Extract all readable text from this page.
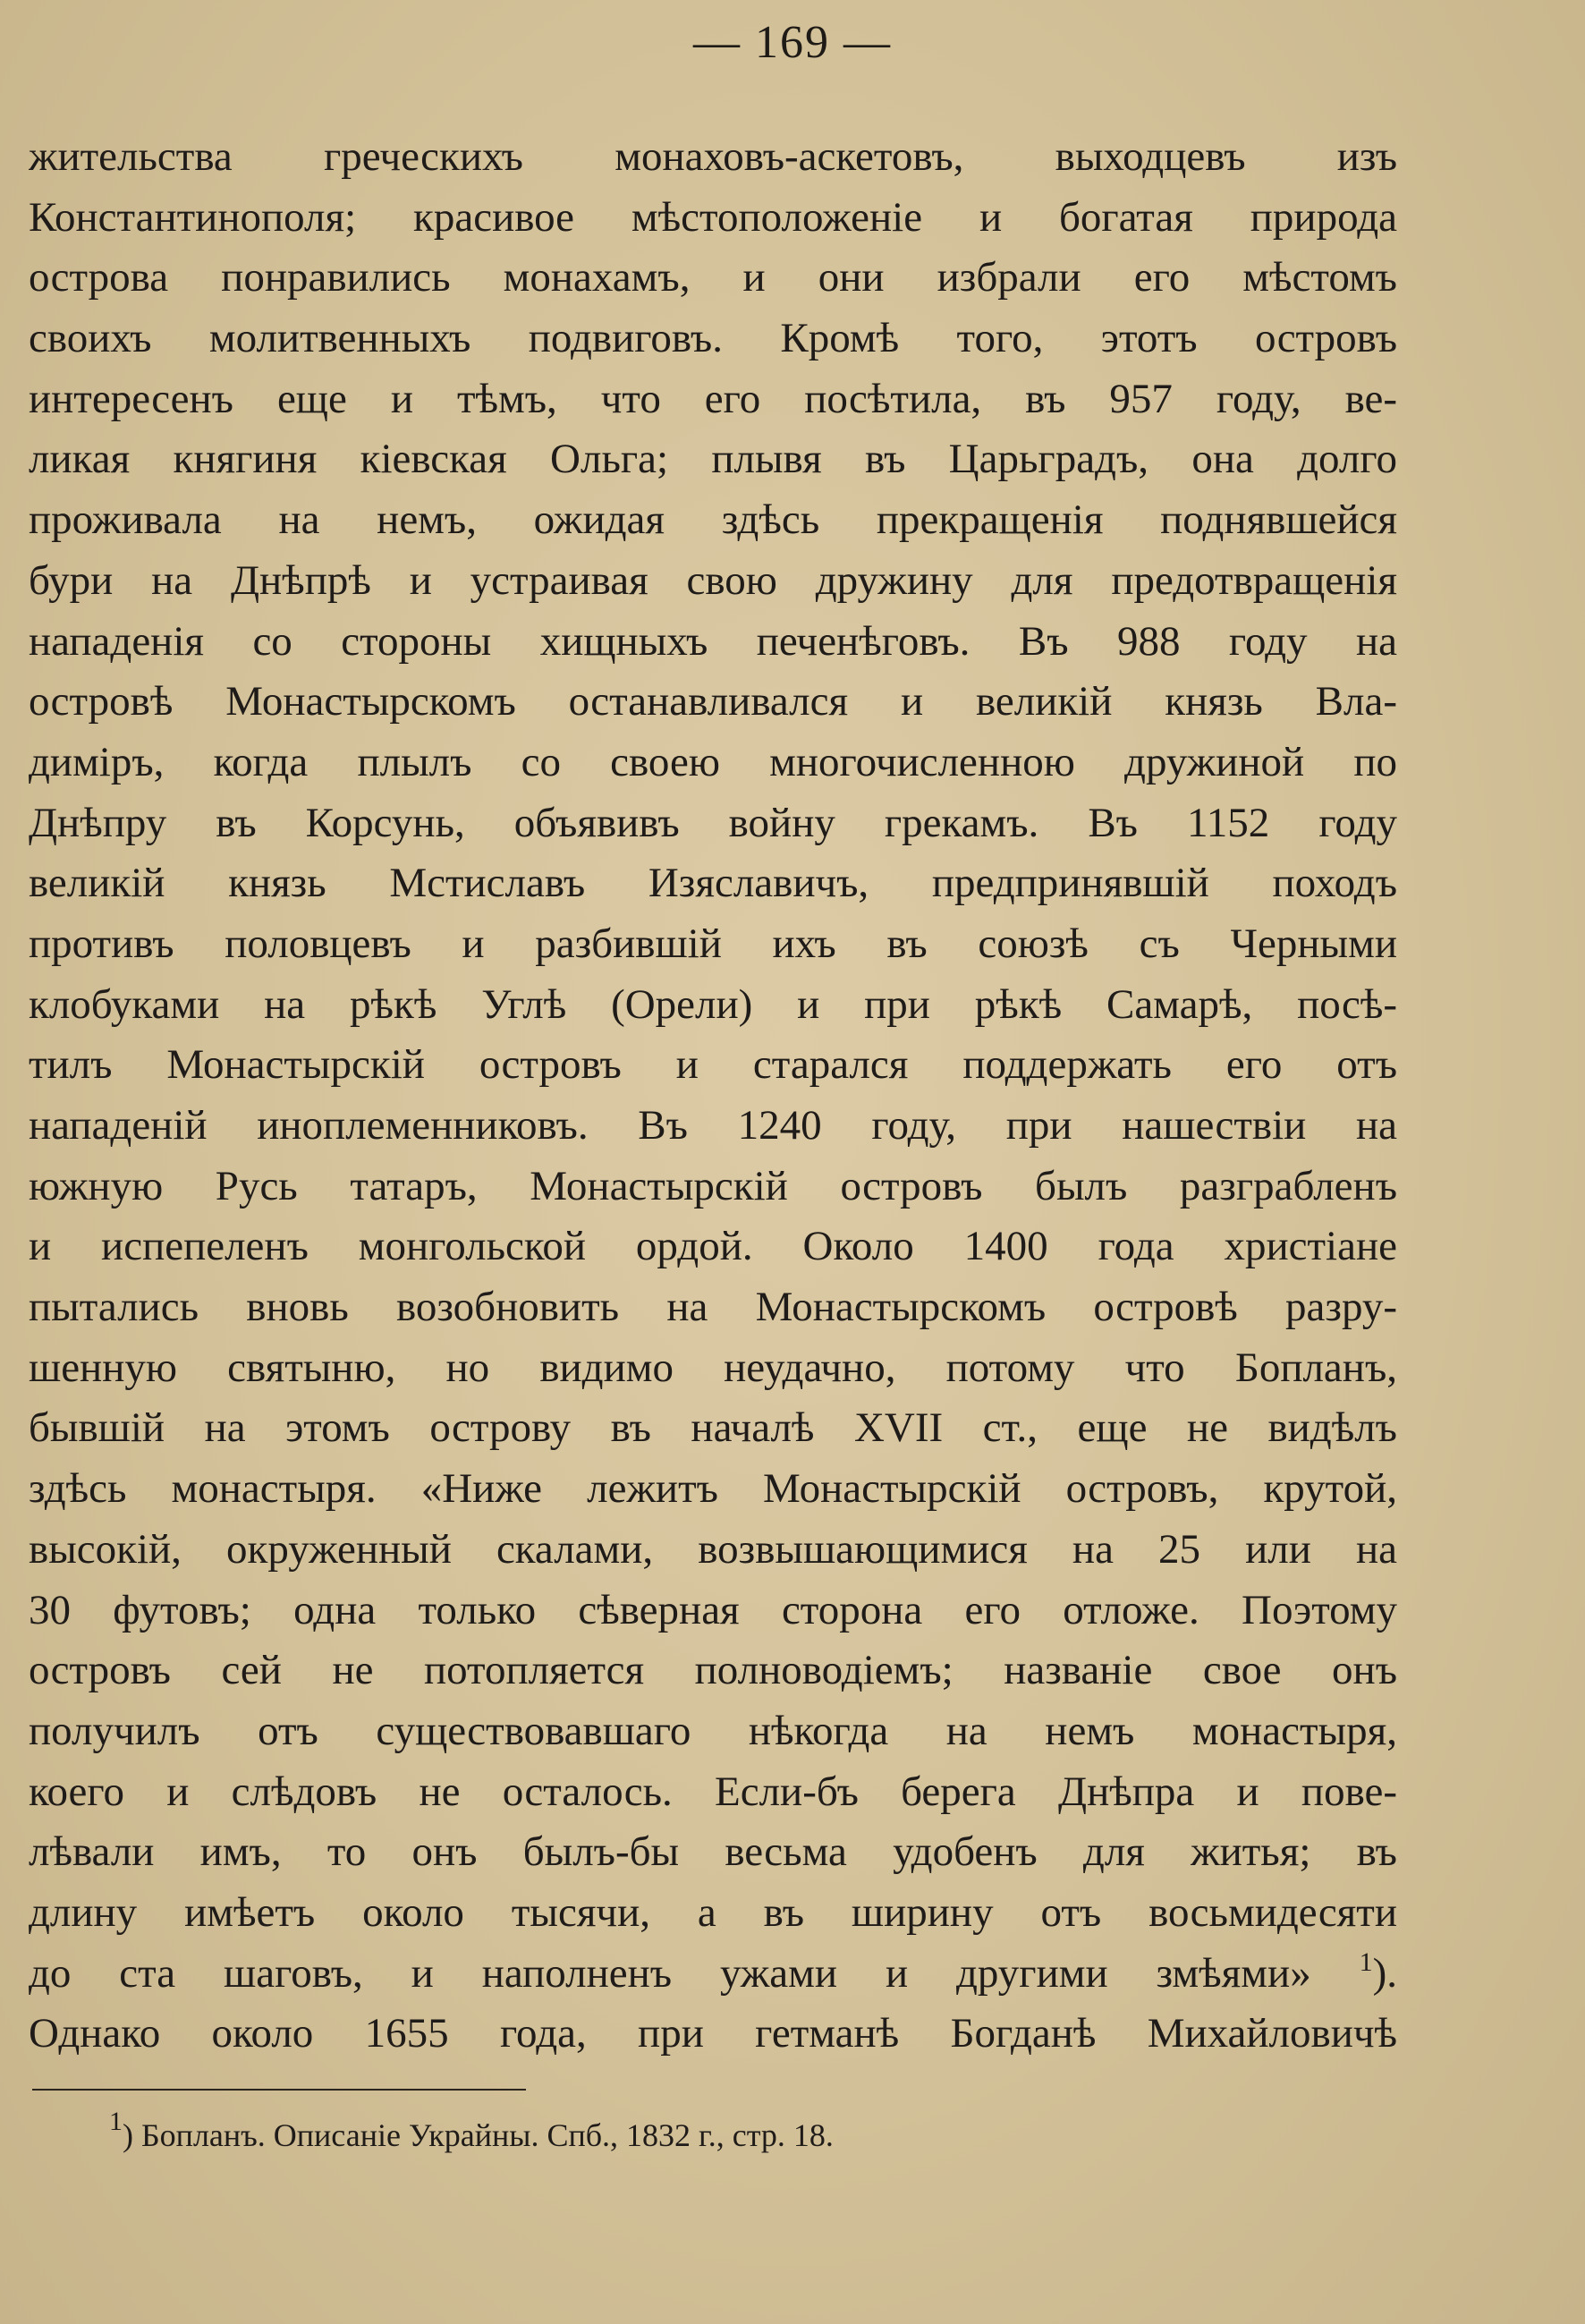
— 169 —
жительства греческихъ монаховъ-аскетовъ, выходцевъ изъ
Константинополя; красивое мѣстоположеніе и богатая природа
острова понравились монахамъ, и они избрали его мѣстомъ
своихъ молитвенныхъ подвиговъ. Кромѣ того, этотъ островъ
интересенъ еще и тѣмъ, что его посѣтила, въ 957 году, ве-
ликая княгиня кіевская Ольга; плывя въ Царьградъ, она долго
проживала на немъ, ожидая здѣсь прекращенія поднявшейся
бури на Днѣпрѣ и устраивая свою дружину для предотвращенія
нападенія со стороны хищныхъ печенѣговъ. Въ 988 году на
островѣ Монастырскомъ останавливался и великій князь Вла-
диміръ, когда плылъ со своею многочисленною дружиной по
Днѣпру въ Корсунь, объявивъ войну грекамъ. Въ 1152 году
великій князь Мстиславъ Изяславичъ, предпринявшій походъ
противъ половцевъ и разбившій ихъ въ союзѣ съ Черными
клобуками на рѣкѣ Углѣ (Орели) и при рѣкѣ Самарѣ, посѣ-
тилъ Монастырскій островъ и старался поддержать его отъ
нападеній иноплеменниковъ. Въ 1240 году, при нашествіи на
южную Русь татаръ, Монастырскій островъ былъ разграбленъ
и испепеленъ монгольской ордой. Около 1400 года христіане
пытались вновь возобновить на Монастырскомъ островѣ разру-
шенную святыню, но видимо неудачно, потому что Бопланъ,
бывшій на этомъ острову въ началѣ XVII ст., еще не видѣлъ
здѣсь монастыря. «Ниже лежитъ Монастырскій островъ, крутой,
высокій, окруженный скалами, возвышающимися на 25 или на
30 футовъ; одна только сѣверная сторона его отложе. Поэтому
островъ сей не потопляется полноводіемъ; названіе свое онъ
получилъ отъ существовавшаго нѣкогда на немъ монастыря,
коего и слѣдовъ не осталось. Если-бъ берега Днѣпра и пове-
лѣвали имъ, то онъ былъ-бы весьма удобенъ для житья; въ
длину имѣетъ около тысячи, а въ ширину отъ восьмидесяти
до ста шаговъ, и наполненъ ужами и другими змѣями» $^1$).
Однако около 1655 года, при гетманѣ Богданѣ Михайловичѣ
$^1$) Бопланъ. Описаніе Украйны. Спб., 1832 г., стр. 18.
